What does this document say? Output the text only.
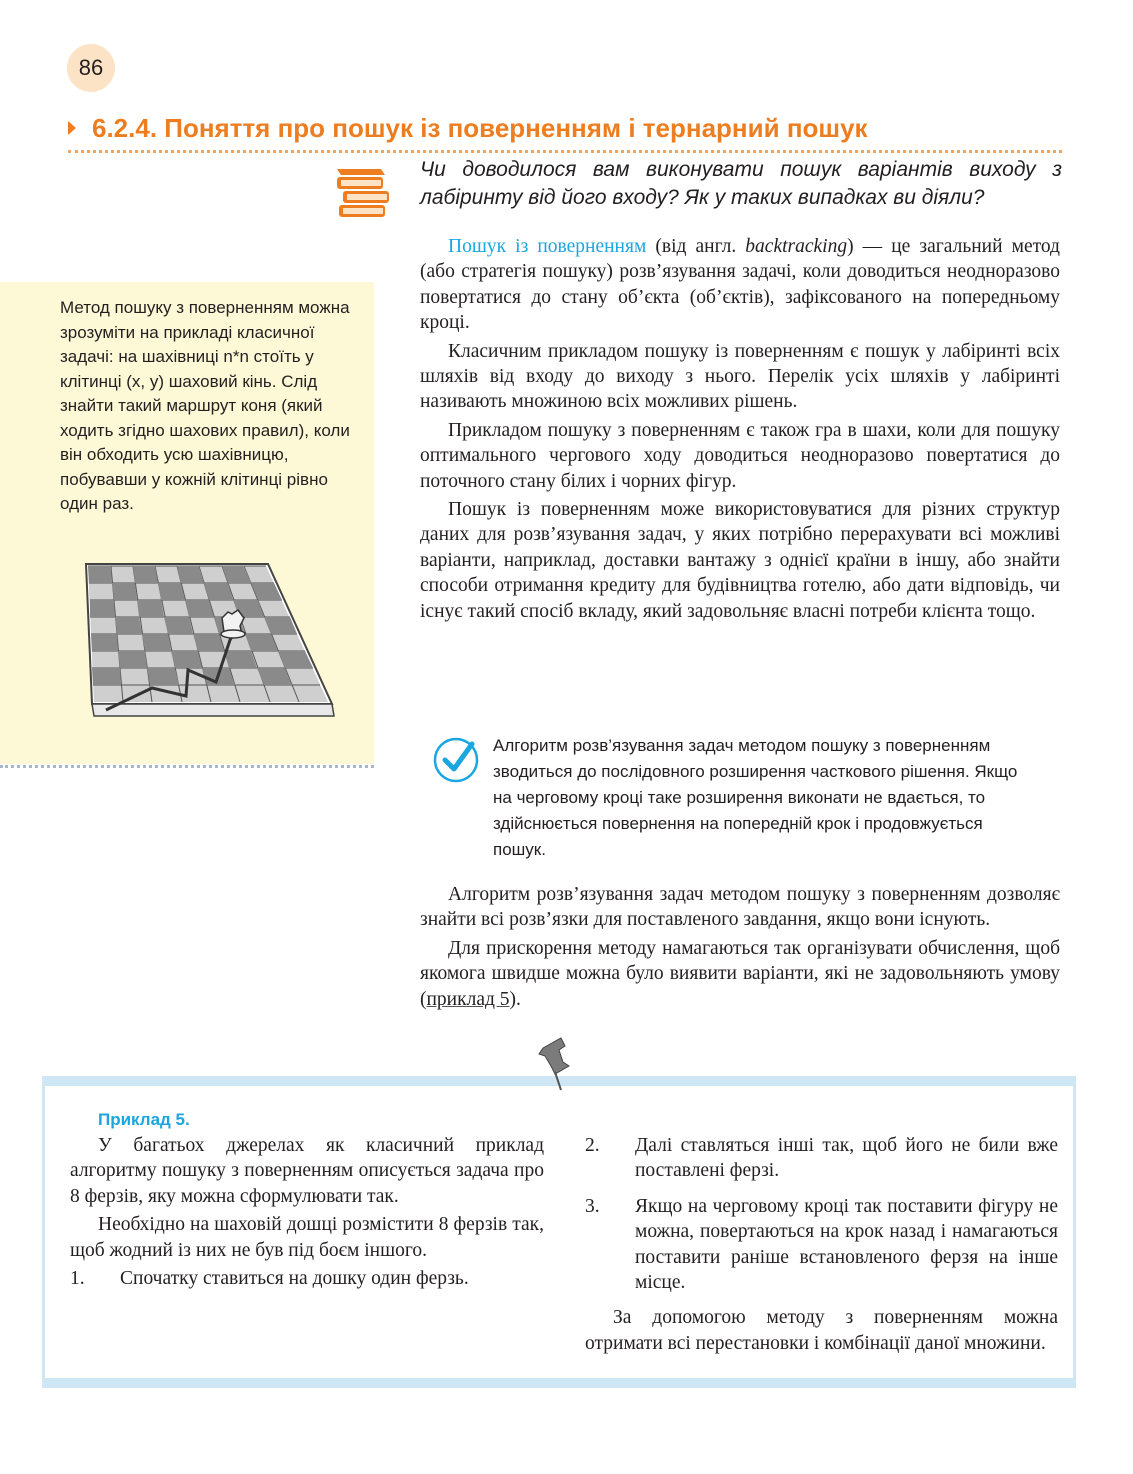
86
6.2.4. Поняття про пошук із поверненням і тернарний пошук
Чи доводилося вам виконувати пошук варіантів виходу з лабіринту від його входу? Як у таких випадках ви діяли?
Метод пошуку з поверненням можна зрозуміти на прикладі класичної задачі: на шахівниці n*n стоїть у клітинці (x, y) шаховий кінь. Слід знайти такий маршрут коня (який ходить згідно шахових правил), коли він обходить усю шахівницю, побувавши у кожній клітинці рівно один раз.

Пошук із поверненням (від англ. backtracking) — це загальний метод (або стратегія пошуку) розв’язування задачі, коли доводиться неодноразово повертатися до стану об’єкта (об’єктів), зафіксованого на попередньому кроці.

Класичним прикладом пошуку із поверненням є пошук у лабіринті всіх шляхів від входу до виходу з нього. Перелік усіх шляхів у лабіринті називають множиною всіх можливих рішень.

Прикладом пошуку з поверненням є також гра в шахи, коли для пошуку оптимального чергового ходу доводиться неодноразово повертатися до поточного стану білих і чорних фігур.

Пошук із поверненням може використовуватися для різних структур даних для розв’язування задач, у яких потрібно перерахувати всі можливі варіанти, наприклад, доставки вантажу з однієї країни в іншу, або знайти способи отримання кредиту для будівництва готелю, або дати відповідь, чи існує такий спосіб вкладу, який задовольняє власні потреби клієнта тощо.

Алгоритм розв’язування задач методом пошуку з поверненням зводиться до послідовного розширення часткового рішення. Якщо на черговому кроці таке розширення виконати не вдається, то здійснюється повернення на попередній крок і продовжується пошук.

Алгоритм розв’язування задач методом пошуку з поверненням дозволяє знайти всі розв’язки для поставленого завдання, якщо вони існують.

Для прискорення методу намагаються так організувати обчислення, щоб якомога швидше можна було виявити варіанти, які не задовольняють умову (приклад 5).

Приклад 5.

У багатьох джерелах як класичний приклад алгоритму пошуку з поверненням описується задача про 8 ферзів, яку можна сформулювати так.

Необхідно на шаховій дошці розмістити 8 ферзів так, щоб жодний із них не був під боєм іншого.

1.	Спочатку ставиться на дошку один ферзь.
2.	Далі ставляться інші так, щоб його не били вже поставлені ферзі.
3.	Якщо на черговому кроці так поставити фігуру не можна, повертаються на крок назад і намагаються поставити раніше встановленого ферзя на інше місце.

За допомогою методу з поверненням можна отримати всі перестановки і комбінації даної множини.
